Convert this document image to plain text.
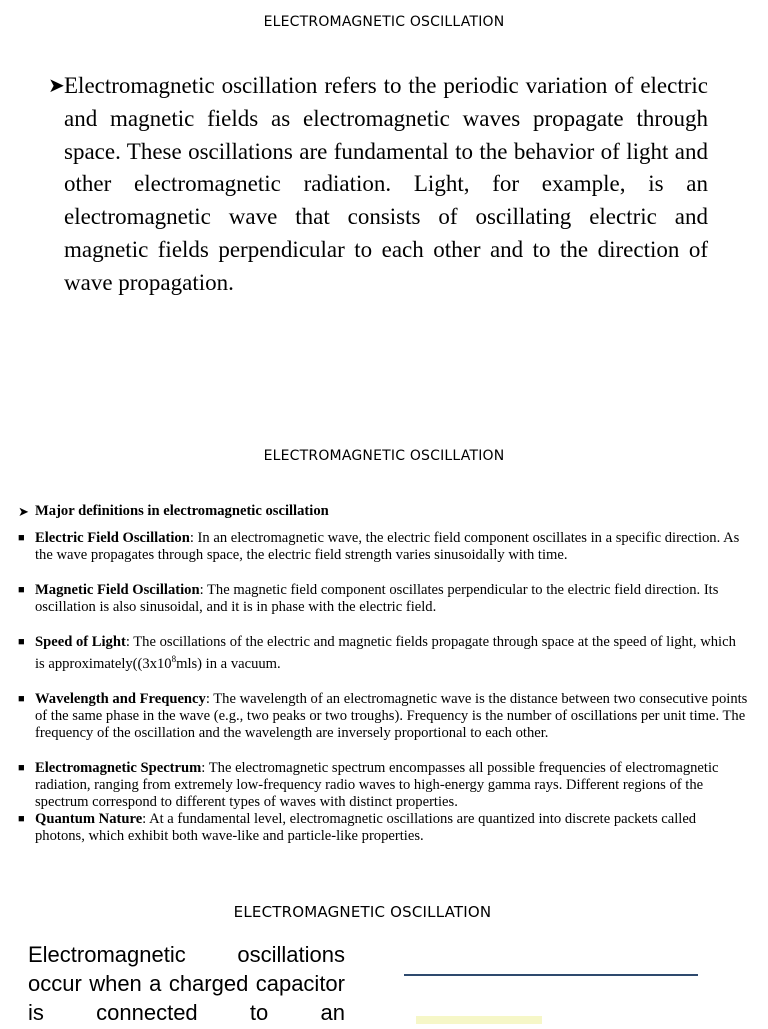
ELECTROMAGNETIC OSCILLATION
➤ Electromagnetic oscillation refers to the periodic variation of electric and magnetic fields as electromagnetic waves propagate through space. These oscillations are fundamental to the behavior of light and other electromagnetic radiation. Light, for example, is an electromagnetic wave that consists of oscillating electric and magnetic fields perpendicular to each other and to the direction of wave propagation.
ELECTROMAGNETIC OSCILLATION
➤ Major definitions in electromagnetic oscillation
■ Electric Field Oscillation: In an electromagnetic wave, the electric field component oscillates in a specific direction. As the wave propagates through space, the electric field strength varies sinusoidally with time.
■ Magnetic Field Oscillation: The magnetic field component oscillates perpendicular to the electric field direction. Its oscillation is also sinusoidal, and it is in phase with the electric field.
■ Speed of Light: The oscillations of the electric and magnetic fields propagate through space at the speed of light, which is $approximately((3x10^8mls)$ in a vacuum.
■ Wavelength and Frequency: The wavelength of an electromagnetic wave is the distance between two consecutive points of the same phase in the wave (e.g., two peaks or two troughs). Frequency is the number of oscillations per unit time. The frequency of the oscillation and the wavelength are inversely proportional to each other.
■ Electromagnetic Spectrum: The electromagnetic spectrum encompasses all possible frequencies of electromagnetic radiation, ranging from extremely low-frequency radio waves to high-energy gamma rays. Different regions of the spectrum correspond to different types of waves with distinct properties.
■ Quantum Nature: At a fundamental level, electromagnetic oscillations are quantized into discrete packets called photons, which exhibit both wave-like and particle-like properties.
ELECTROMAGNETIC OSCILLATION
Electromagnetic oscillations occur when a charged capacitor is connected to an
